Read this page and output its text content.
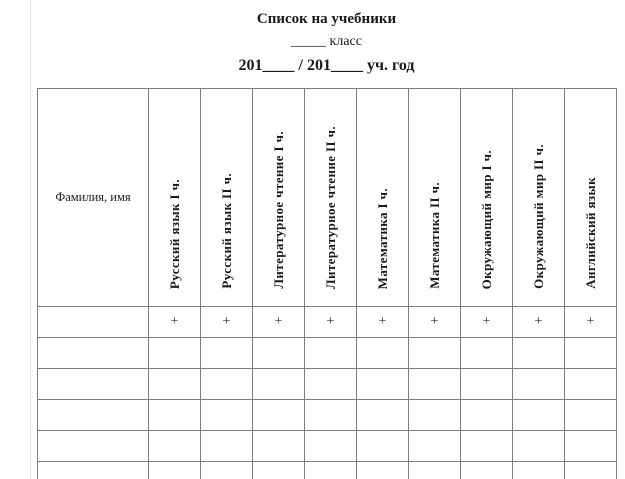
Список на учебники
_____ класс
201____ / 201____ уч. год
Фамилия, имя	Русский язык I ч.	Русский язык II ч.	Литературное чтение I ч.	Литературное чтение II ч.	Математика I ч.	Математика II ч.	Окружающий мир I ч.	Окружающий мир II ч.	Английский язык
	+	+	+	+	+	+	+	+	+
